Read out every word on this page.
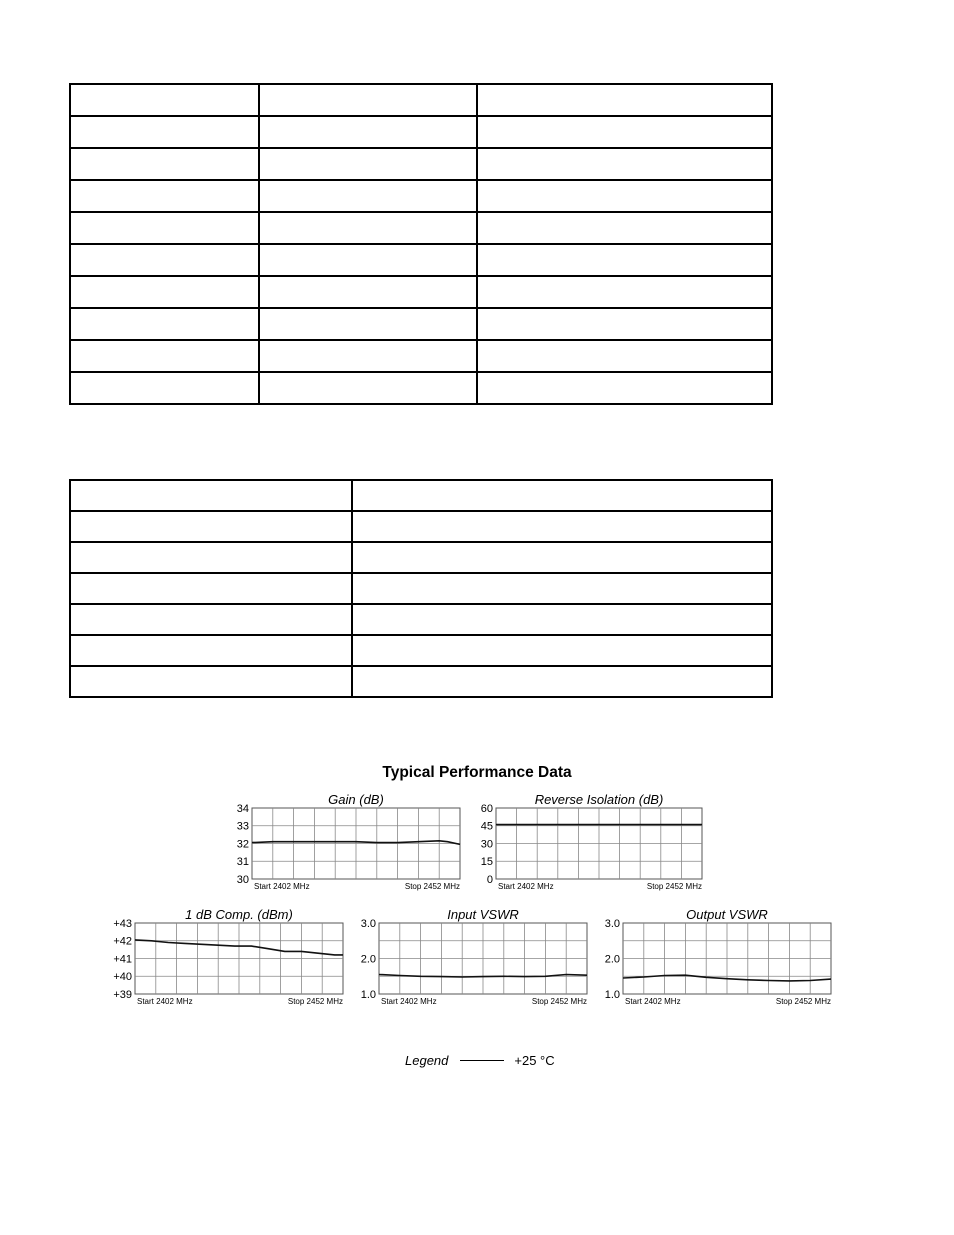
Typical Performance Data
34
33
32
31
30
Gain (dB)
Start 2402 MHz	Stop 2452 MHz
60
45
30
15
0
Reverse Isolation (dB)
Start 2402 MHz	Stop 2452 MHz
+43
+42
+41
+40
+39
1 dB Comp. (dBm)
Start 2402 MHz	Stop 2452 MHz
3.0
2.0
1.0
Input VSWR
Start 2402 MHz	Stop 2452 MHz
3.0
2.0
1.0
Output VSWR
Start 2402 MHz	Stop 2452 MHz
Legend	+25 °C
